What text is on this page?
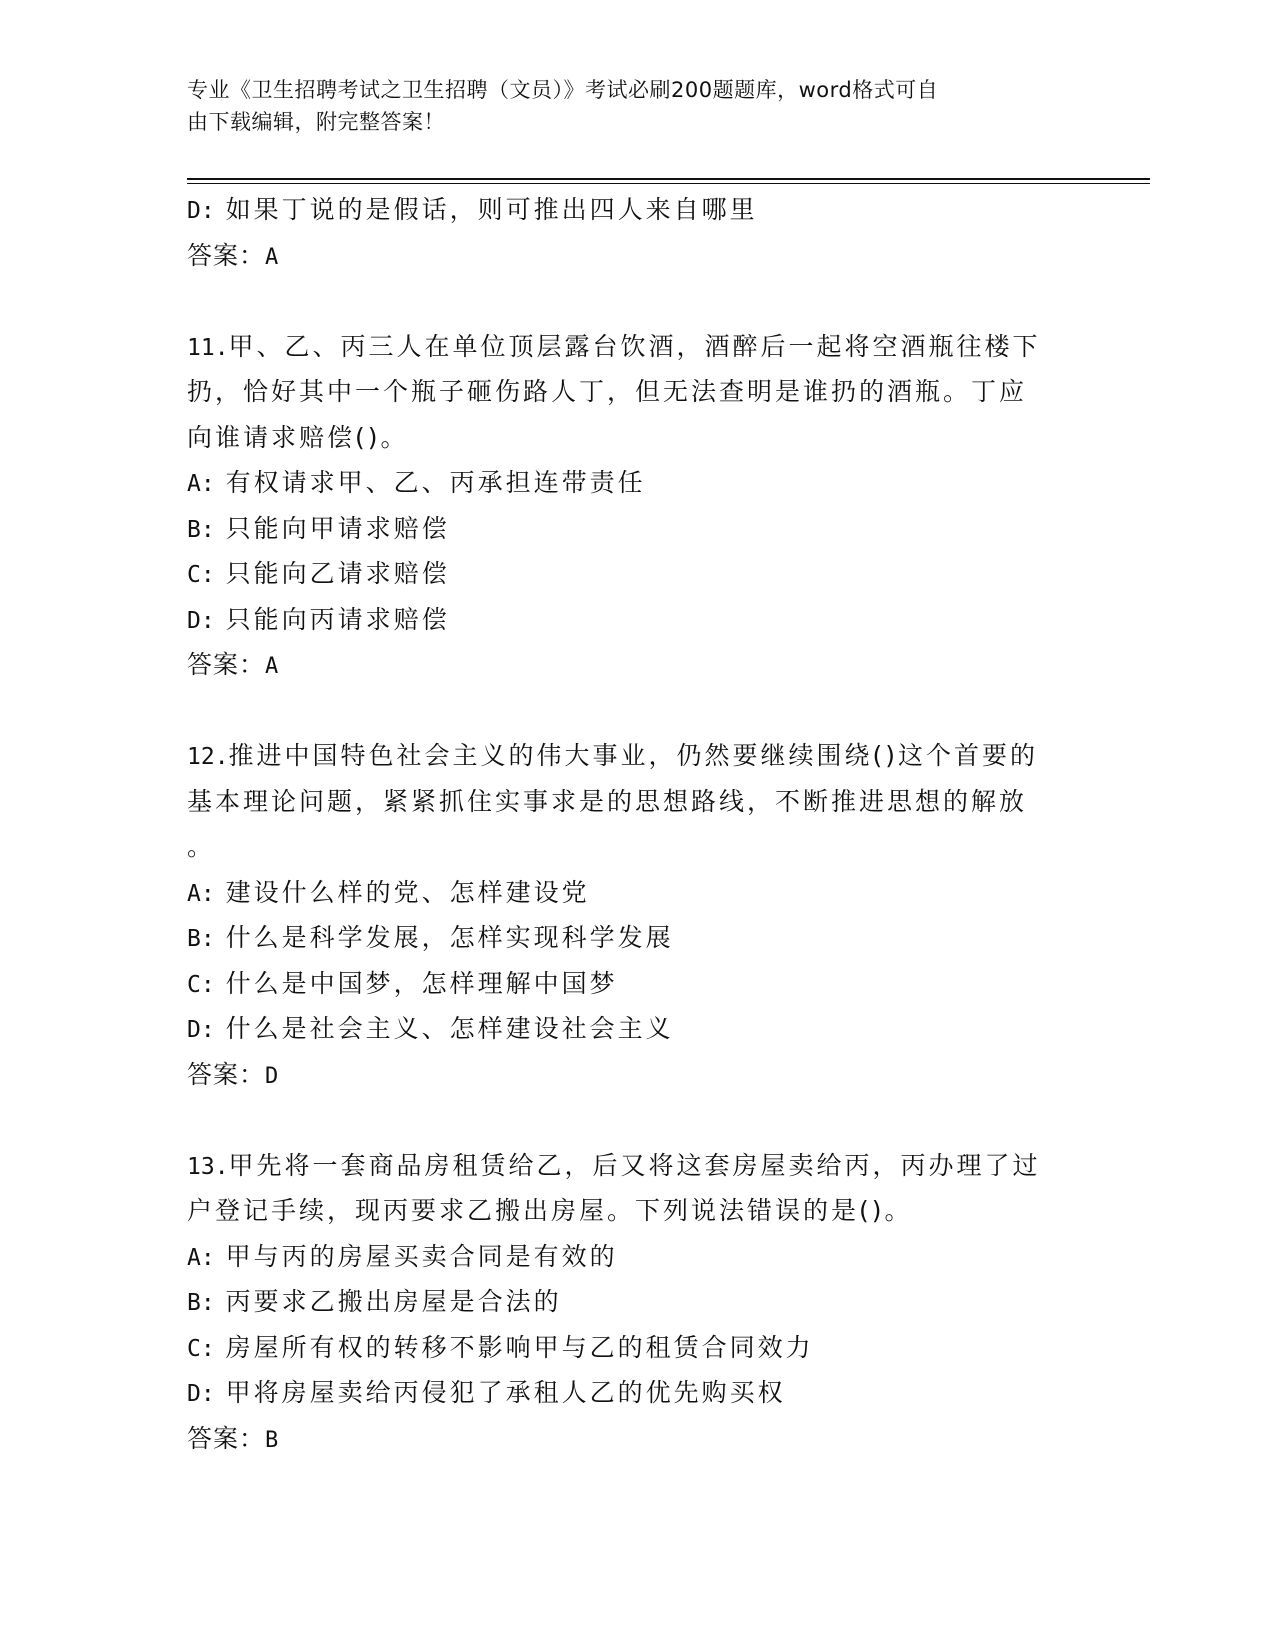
专业《卫生招聘考试之卫生招聘（文员）》考试必刷200题题库，word格式可自
由下载编辑，附完整答案！
D: 如果丁说的是假话，则可推出四人来自哪里
答案：A
11.甲、乙、丙三人在单位顶层露台饮酒，酒醉后一起将空酒瓶往楼下
扔，恰好其中一个瓶子砸伤路人丁，但无法查明是谁扔的酒瓶。丁应
向谁请求赔偿()。
A: 有权请求甲、乙、丙承担连带责任
B: 只能向甲请求赔偿
C: 只能向乙请求赔偿
D: 只能向丙请求赔偿
答案：A
12.推进中国特色社会主义的伟大事业，仍然要继续围绕()这个首要的
基本理论问题，紧紧抓住实事求是的思想路线，不断推进思想的解放
。
A: 建设什么样的党、怎样建设党
B: 什么是科学发展，怎样实现科学发展
C: 什么是中国梦，怎样理解中国梦
D: 什么是社会主义、怎样建设社会主义
答案：D
13.甲先将一套商品房租赁给乙，后又将这套房屋卖给丙，丙办理了过
户登记手续，现丙要求乙搬出房屋。下列说法错误的是()。
A: 甲与丙的房屋买卖合同是有效的
B: 丙要求乙搬出房屋是合法的
C: 房屋所有权的转移不影响甲与乙的租赁合同效力
D: 甲将房屋卖给丙侵犯了承租人乙的优先购买权
答案：B
